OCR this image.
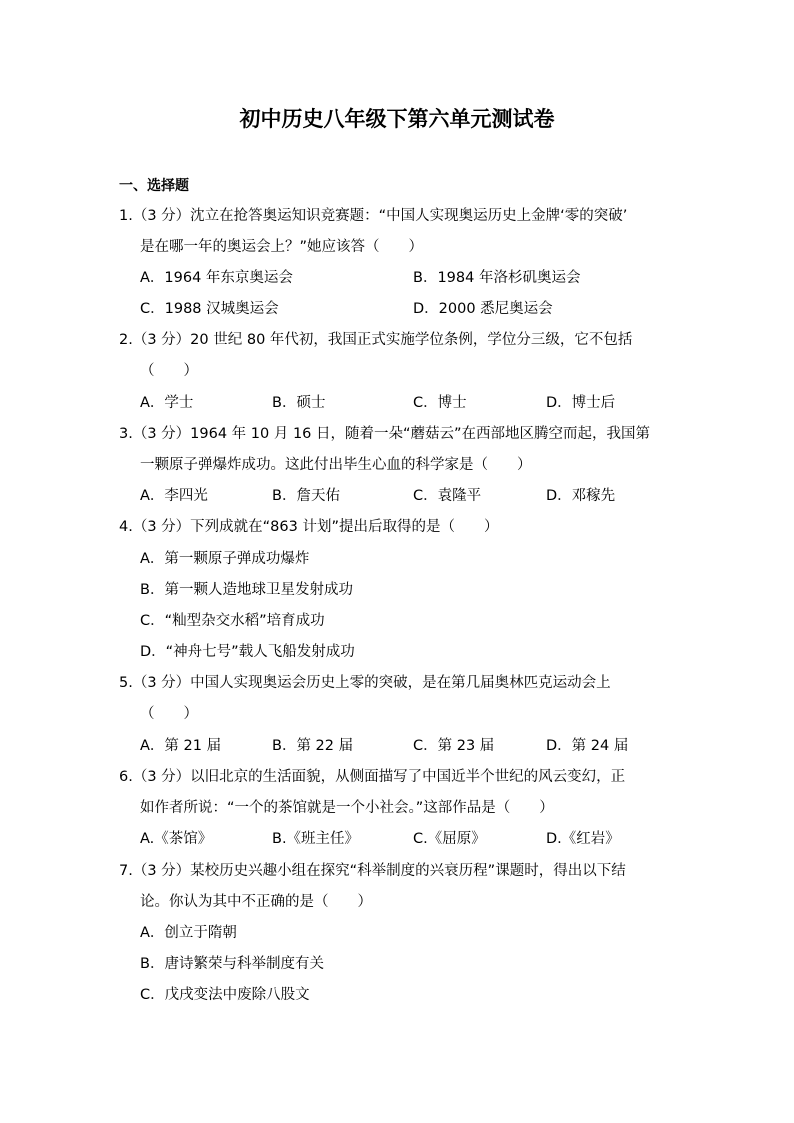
初中历史八年级下第六单元测试卷
一、选择题
1.（3 分）沈立在抢答奥运知识竞赛题：“中国人实现奥运历史上金牌‘零的突破’
是在哪一年的奥运会上？”她应该答（　　）
A．1964 年东京奥运会	B．1984 年洛杉矶奥运会
C．1988 汉城奥运会	D．2000 悉尼奥运会
2.（3 分）20 世纪 80 年代初，我国正式实施学位条例，学位分三级，它不包括
（　　）
A．学士	B．硕士	C．博士	D．博士后
3.（3 分）1964 年 10 月 16 日，随着一朵“蘑菇云”在西部地区腾空而起，我国第
一颗原子弹爆炸成功。这此付出毕生心血的科学家是（　　）
A．李四光	B．詹天佑	C．袁隆平	D．邓稼先
4.（3 分）下列成就在“863 计划”提出后取得的是（　　）
A．第一颗原子弹成功爆炸
B．第一颗人造地球卫星发射成功
C．“籼型杂交水稻”培育成功
D．“神舟七号”载人飞船发射成功
5.（3 分）中国人实现奥运会历史上零的突破，是在第几届奥林匹克运动会上
（　　）
A．第 21 届	B．第 22 届	C．第 23 届	D．第 24 届
6.（3 分）以旧北京的生活面貌，从侧面描写了中国近半个世纪的风云变幻，正
如作者所说：“一个的茶馆就是一个小社会。”这部作品是（　　）
A.《茶馆》	B.《班主任》	C.《屈原》	D.《红岩》
7.（3 分）某校历史兴趣小组在探究“科举制度的兴衰历程”课题时，得出以下结
论。你认为其中不正确的是（　　）
A．创立于隋朝
B．唐诗繁荣与科举制度有关
C．戊戌变法中废除八股文
